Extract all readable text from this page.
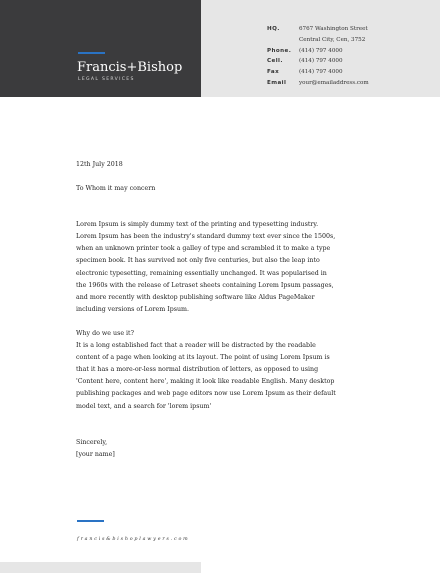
Francis+Bishop
LEGAL SERVICES
HQ.	6767 Washington Street
Central City, Cen, 3752
Phone.	(414) 797 4000
Cell.	(414) 797 4000
Fax	(414) 797 4000
Email	your@emailaddress.com

12th July 2018

To Whom it may concern

Lorem Ipsum is simply dummy text of the printing and typesetting industry.

Lorem Ipsum has been the industry's standard dummy text ever since the 1500s,

when an unknown printer took a galley of type and scrambled it to make a type

specimen book. It has survived not only five centuries, but also the leap into

electronic typesetting, remaining essentially unchanged. It was popularised in

the 1960s with the release of Letraset sheets containing Lorem Ipsum passages,

and more recently with desktop publishing software like Aldus PageMaker

including versions of Lorem Ipsum.

Why do we use it?

It is a long established fact that a reader will be distracted by the readable

content of a page when looking at its layout. The point of using Lorem Ipsum is

that it has a more-or-less normal distribution of letters, as opposed to using

'Content here, content here', making it look like readable English. Many desktop

publishing packages and web page editors now use Lorem Ipsum as their default

model text, and a search for 'lorem ipsum'

Sincerely,

[your name]

francis&bishoplawyers.com
